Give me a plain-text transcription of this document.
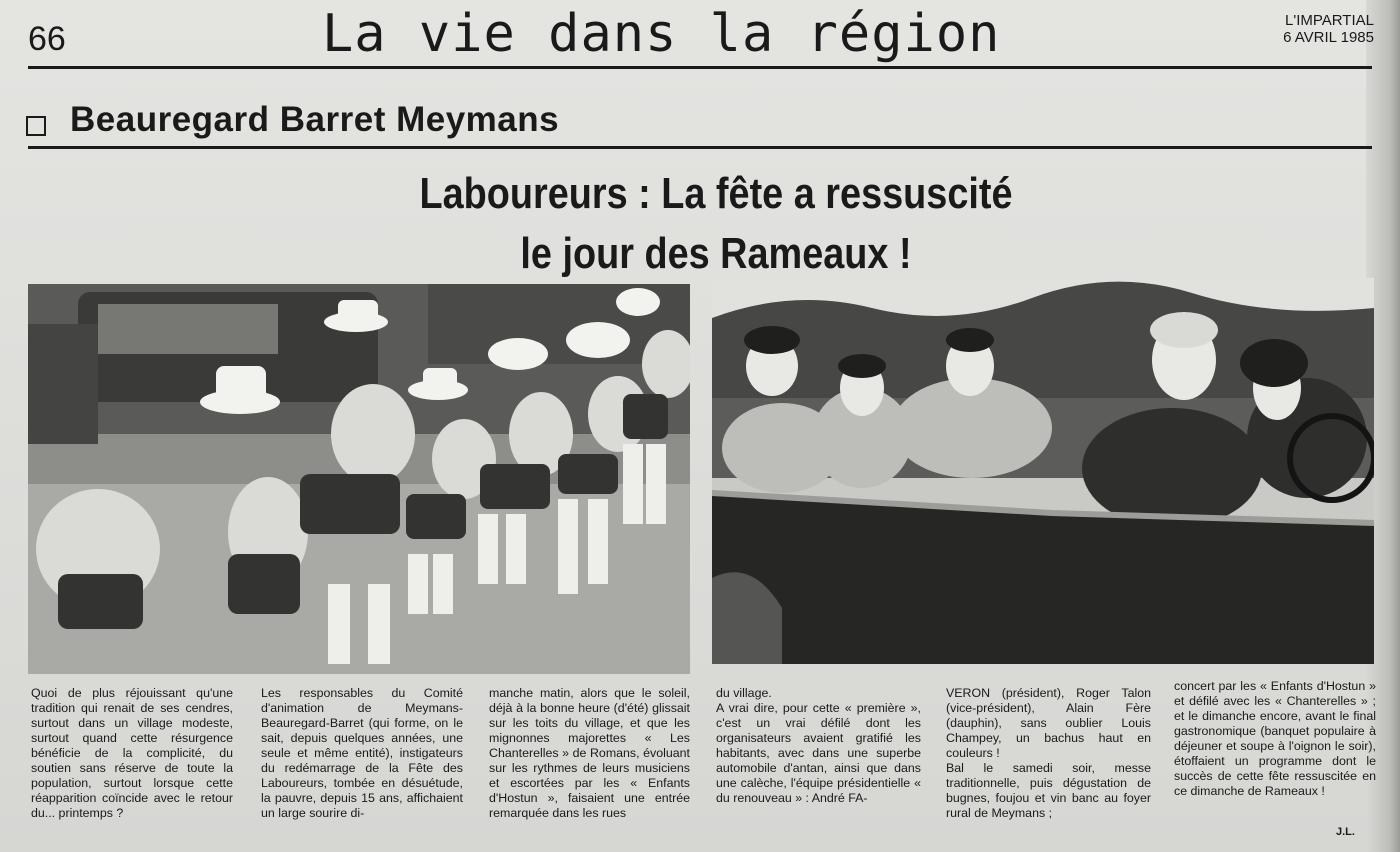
66	La vie dans la région	L'IMPARTIAL
6 AVRIL 1985
Beauregard Barret Meymans
Laboureurs : La fête a ressuscité
le jour des Rameaux !
Quoi de plus réjouissant qu'une tradition qui renait de ses cendres, surtout dans un village modeste, surtout quand cette résurgence bénéficie de la complicité, du soutien sans réserve de toute la population, surtout lorsque cette réapparition coïncide avec le retour du... printemps ?
Les responsables du Comité d'animation de Meymans-Beauregard-Barret (qui forme, on le sait, depuis quelques années, une seule et même entité), instigateurs du redémarrage de la Fête des Laboureurs, tombée en désuétude, la pauvre, depuis 15 ans, affichaient un large sourire di-
manche matin, alors que le soleil, déjà à la bonne heure (d'été) glissait sur les toits du village, et que les mignonnes majorettes « Les Chanterelles » de Romans, évoluant sur les rythmes de leurs musiciens et escortées par les « Enfants d'Hostun », faisaient une entrée remarquée dans les rues
du village.
A vrai dire, pour cette « première », c'est un vrai défilé dont les organisateurs avaient gratifié les habitants, avec dans une superbe automobile d'antan, ainsi que dans une calèche, l'équipe présidentielle « du renouveau » : André FA-
VERON (président), Roger Talon (vice-président), Alain Fère (dauphin), sans oublier Louis Champey, un bachus haut en couleurs !
Bal le samedi soir, messe traditionnelle, puis dégustation de bugnes, foujou et vin banc au foyer rural de Meymans ;
concert par les « Enfants d'Hostun » et défilé avec les « Chanterelles » ; et le dimanche encore, avant le final gastronomique (banquet populaire à déjeuner et soupe à l'oignon le soir), étoffaient un programme dont le succès de cette fête ressuscitée en ce dimanche de Rameaux !
J.L.
